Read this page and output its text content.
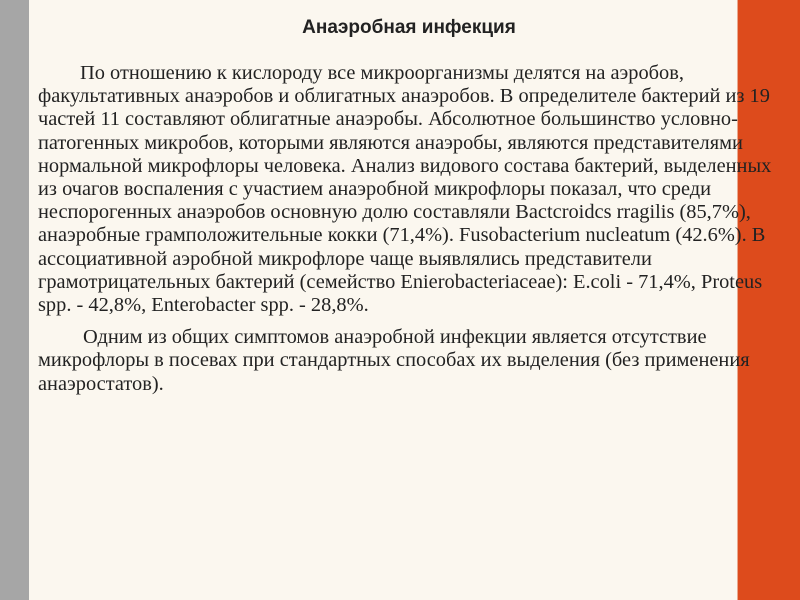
Анаэробная инфекция

По отношению к кислороду все микроорганизмы делятся на аэробов, факультативных анаэробов и облигатных анаэробов. В определителе бактерий из 19 частей 11 составляют облигатные анаэробы. Абсолютное большинство условно-патогенных микробов, которыми являются анаэробы, являются представителями нормальной микрофлоры человека. Анализ видового состава бактерий, выделенных из очагов воспаления с участием анаэробной микрофлоры показал, что среди неспорогенных анаэробов основную долю составляли Bactcroidcs rragilis (85,7%), анаэробные грамположительные кокки (71,4%). Fusobacterium nucleatum (42.6%). В ассоциативной аэробной микрофлоре чаще выявлялись представители грамотрицательных бактерий (семейство Enierobacteriaceae): E.coli - 71,4%, Proteus spp. - 42,8%, Enterobacter spp. - 28,8%.

Одним из общих симптомов анаэробной инфекции является отсутствие микрофлоры в посевах при стандартных способах их выделения (без применения анаэростатов).
